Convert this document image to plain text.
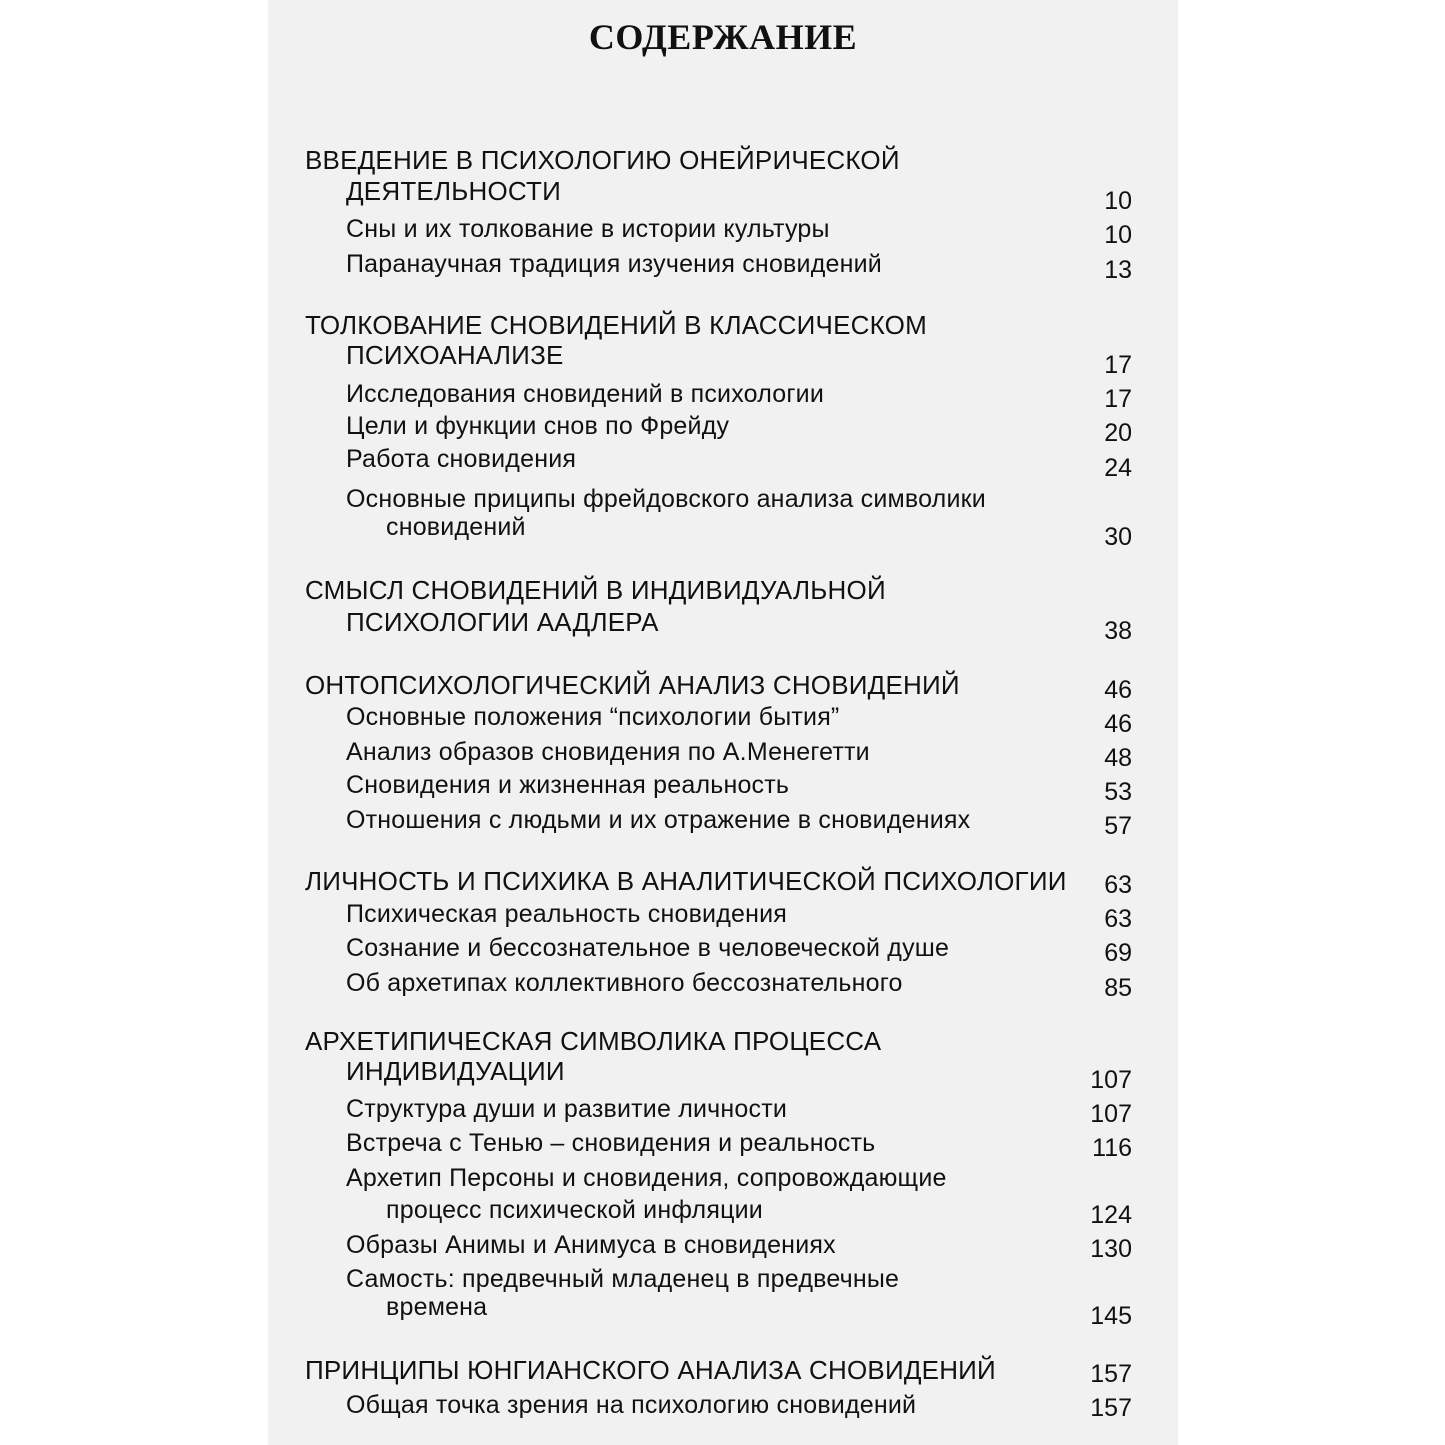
СОДЕРЖАНИЕ
ВВЕДЕНИЕ В ПСИХОЛОГИЮ ОНЕЙРИЧЕСКОЙ
ДЕЯТЕЛЬНОСТИ	10
Сны и их толкование в истории культуры	10
Паранаучная традиция изучения сновидений	13
ТОЛКОВАНИЕ СНОВИДЕНИЙ В КЛАССИЧЕСКОМ
ПСИХОАНАЛИЗЕ	17
Исследования сновидений в психологии	17
Цели и функции снов по Фрейду	20
Работа сновидения	24
Основные приципы фрейдовского анализа символики
сновидений	30
СМЫСЛ СНОВИДЕНИЙ В ИНДИВИДУАЛЬНОЙ
ПСИХОЛОГИИ ААДЛЕРА	38
ОНТОПСИХОЛОГИЧЕСКИЙ АНАЛИЗ СНОВИДЕНИЙ	46
Основные положения “психологии бытия”	46
Анализ образов сновидения по А.Менегетти	48
Сновидения и жизненная реальность	53
Отношения с людьми и их отражение в сновидениях	57
ЛИЧНОСТЬ И ПСИХИКА В АНАЛИТИЧЕСКОЙ ПСИХОЛОГИИ 63
Психическая реальность сновидения	63
Сознание и бессознательное в человеческой душе	69
Об архетипах коллективного бессознательного	85
АРХЕТИПИЧЕСКАЯ СИМВОЛИКА ПРОЦЕССА
ИНДИВИДУАЦИИ	107
Структура души и развитие личности	107
Встреча с Тенью – сновидения и реальность	116
Архетип Персоны и сновидения, сопровождающие
процесс психической инфляции	124
Образы Анимы и Анимуса в сновидениях	130
Самость: предвечный младенец в предвечные
времена	145
ПРИНЦИПЫ ЮНГИАНСКОГО АНАЛИЗА СНОВИДЕНИЙ	157
Общая точка зрения на психологию сновидений	157
